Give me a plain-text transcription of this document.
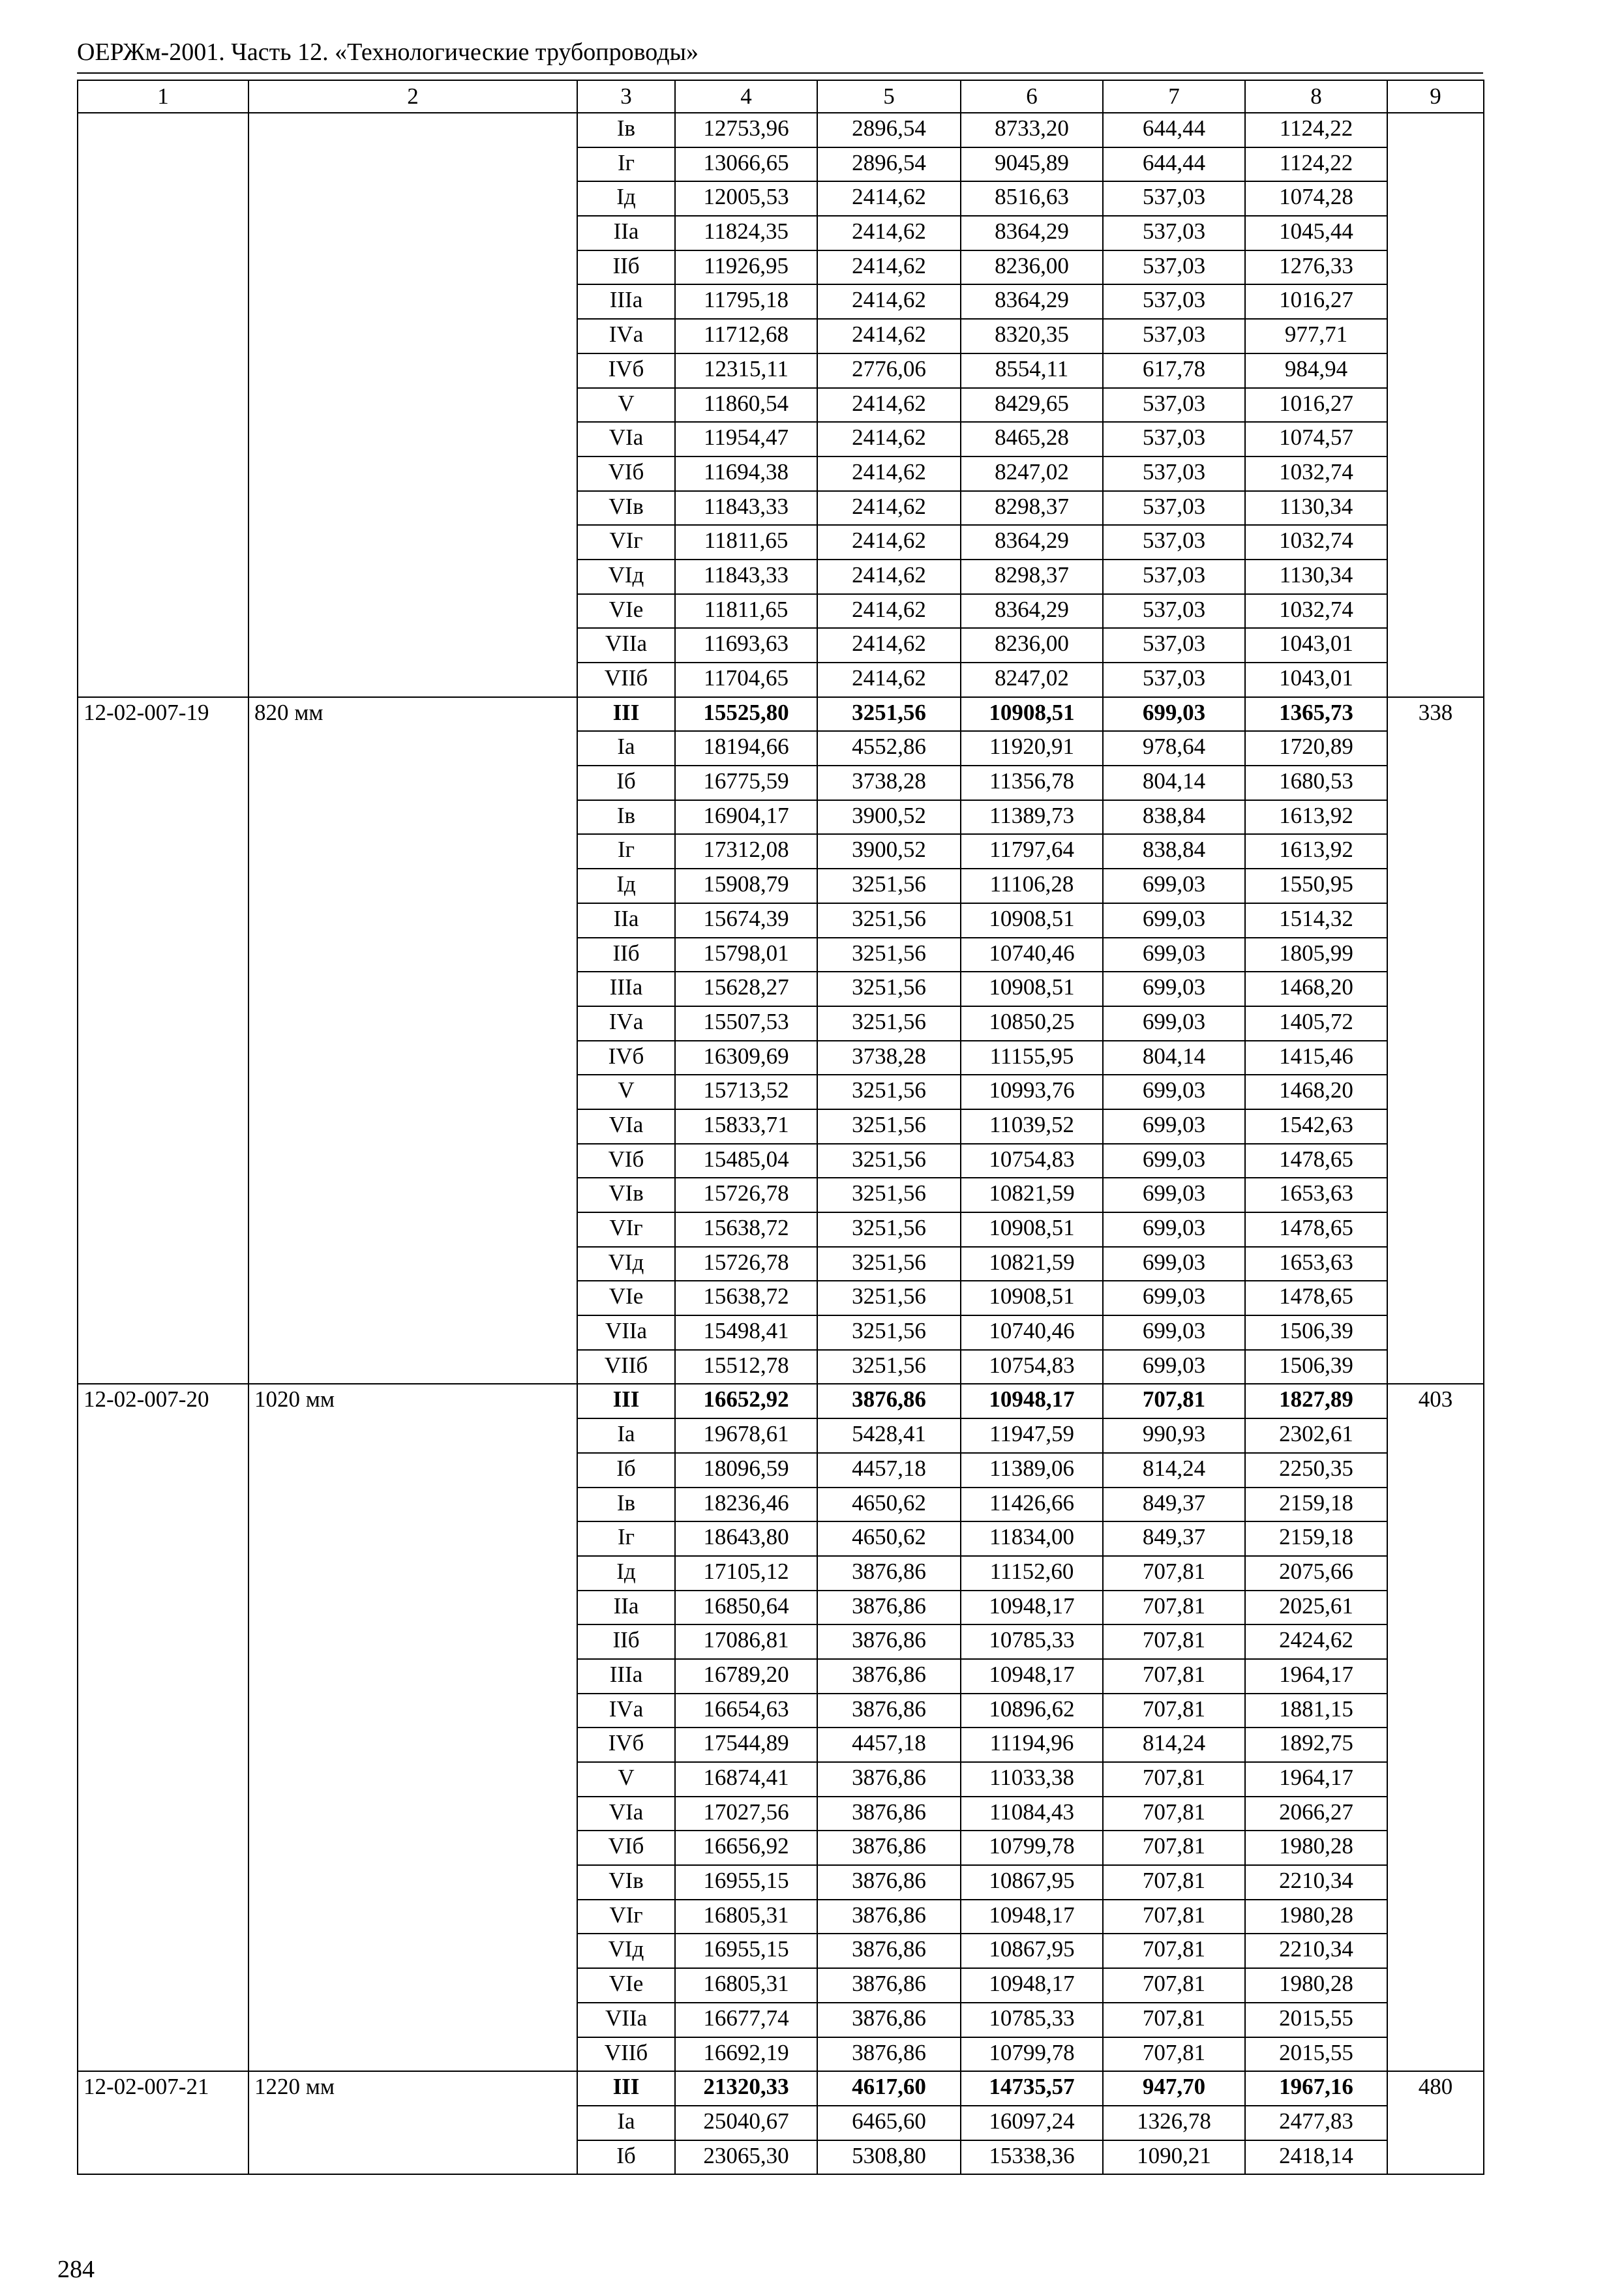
ОЕРЖм-2001. Часть 12. «Технологические трубопроводы»
1	2	3	4	5	6	7	8	9
		Iв	12753,96	2896,54	8733,20	644,44	1124,22	
		Iг	13066,65	2896,54	9045,89	644,44	1124,22	
		Iд	12005,53	2414,62	8516,63	537,03	1074,28	
		IIа	11824,35	2414,62	8364,29	537,03	1045,44	
		IIб	11926,95	2414,62	8236,00	537,03	1276,33	
		IIIа	11795,18	2414,62	8364,29	537,03	1016,27	
		IVа	11712,68	2414,62	8320,35	537,03	977,71	
		IVб	12315,11	2776,06	8554,11	617,78	984,94	
		V	11860,54	2414,62	8429,65	537,03	1016,27	
		VIа	11954,47	2414,62	8465,28	537,03	1074,57	
		VIб	11694,38	2414,62	8247,02	537,03	1032,74	
		VIв	11843,33	2414,62	8298,37	537,03	1130,34	
		VIг	11811,65	2414,62	8364,29	537,03	1032,74	
		VIд	11843,33	2414,62	8298,37	537,03	1130,34	
		VIе	11811,65	2414,62	8364,29	537,03	1032,74	
		VIIа	11693,63	2414,62	8236,00	537,03	1043,01	
		VIIб	11704,65	2414,62	8247,02	537,03	1043,01	
12-02-007-19	820 мм	III	15525,80	3251,56	10908,51	699,03	1365,73	338
		Iа	18194,66	4552,86	11920,91	978,64	1720,89	
		Iб	16775,59	3738,28	11356,78	804,14	1680,53	
		Iв	16904,17	3900,52	11389,73	838,84	1613,92	
		Iг	17312,08	3900,52	11797,64	838,84	1613,92	
		Iд	15908,79	3251,56	11106,28	699,03	1550,95	
		IIа	15674,39	3251,56	10908,51	699,03	1514,32	
		IIб	15798,01	3251,56	10740,46	699,03	1805,99	
		IIIа	15628,27	3251,56	10908,51	699,03	1468,20	
		IVа	15507,53	3251,56	10850,25	699,03	1405,72	
		IVб	16309,69	3738,28	11155,95	804,14	1415,46	
		V	15713,52	3251,56	10993,76	699,03	1468,20	
		VIа	15833,71	3251,56	11039,52	699,03	1542,63	
		VIб	15485,04	3251,56	10754,83	699,03	1478,65	
		VIв	15726,78	3251,56	10821,59	699,03	1653,63	
		VIг	15638,72	3251,56	10908,51	699,03	1478,65	
		VIд	15726,78	3251,56	10821,59	699,03	1653,63	
		VIе	15638,72	3251,56	10908,51	699,03	1478,65	
		VIIа	15498,41	3251,56	10740,46	699,03	1506,39	
		VIIб	15512,78	3251,56	10754,83	699,03	1506,39	
12-02-007-20	1020 мм	III	16652,92	3876,86	10948,17	707,81	1827,89	403
		Iа	19678,61	5428,41	11947,59	990,93	2302,61	
		Iб	18096,59	4457,18	11389,06	814,24	2250,35	
		Iв	18236,46	4650,62	11426,66	849,37	2159,18	
		Iг	18643,80	4650,62	11834,00	849,37	2159,18	
		Iд	17105,12	3876,86	11152,60	707,81	2075,66	
		IIа	16850,64	3876,86	10948,17	707,81	2025,61	
		IIб	17086,81	3876,86	10785,33	707,81	2424,62	
		IIIа	16789,20	3876,86	10948,17	707,81	1964,17	
		IVа	16654,63	3876,86	10896,62	707,81	1881,15	
		IVб	17544,89	4457,18	11194,96	814,24	1892,75	
		V	16874,41	3876,86	11033,38	707,81	1964,17	
		VIа	17027,56	3876,86	11084,43	707,81	2066,27	
		VIб	16656,92	3876,86	10799,78	707,81	1980,28	
		VIв	16955,15	3876,86	10867,95	707,81	2210,34	
		VIг	16805,31	3876,86	10948,17	707,81	1980,28	
		VIд	16955,15	3876,86	10867,95	707,81	2210,34	
		VIе	16805,31	3876,86	10948,17	707,81	1980,28	
		VIIа	16677,74	3876,86	10785,33	707,81	2015,55	
		VIIб	16692,19	3876,86	10799,78	707,81	2015,55	
12-02-007-21	1220 мм	III	21320,33	4617,60	14735,57	947,70	1967,16	480
		Iа	25040,67	6465,60	16097,24	1326,78	2477,83	
		Iб	23065,30	5308,80	15338,36	1090,21	2418,14	
284
